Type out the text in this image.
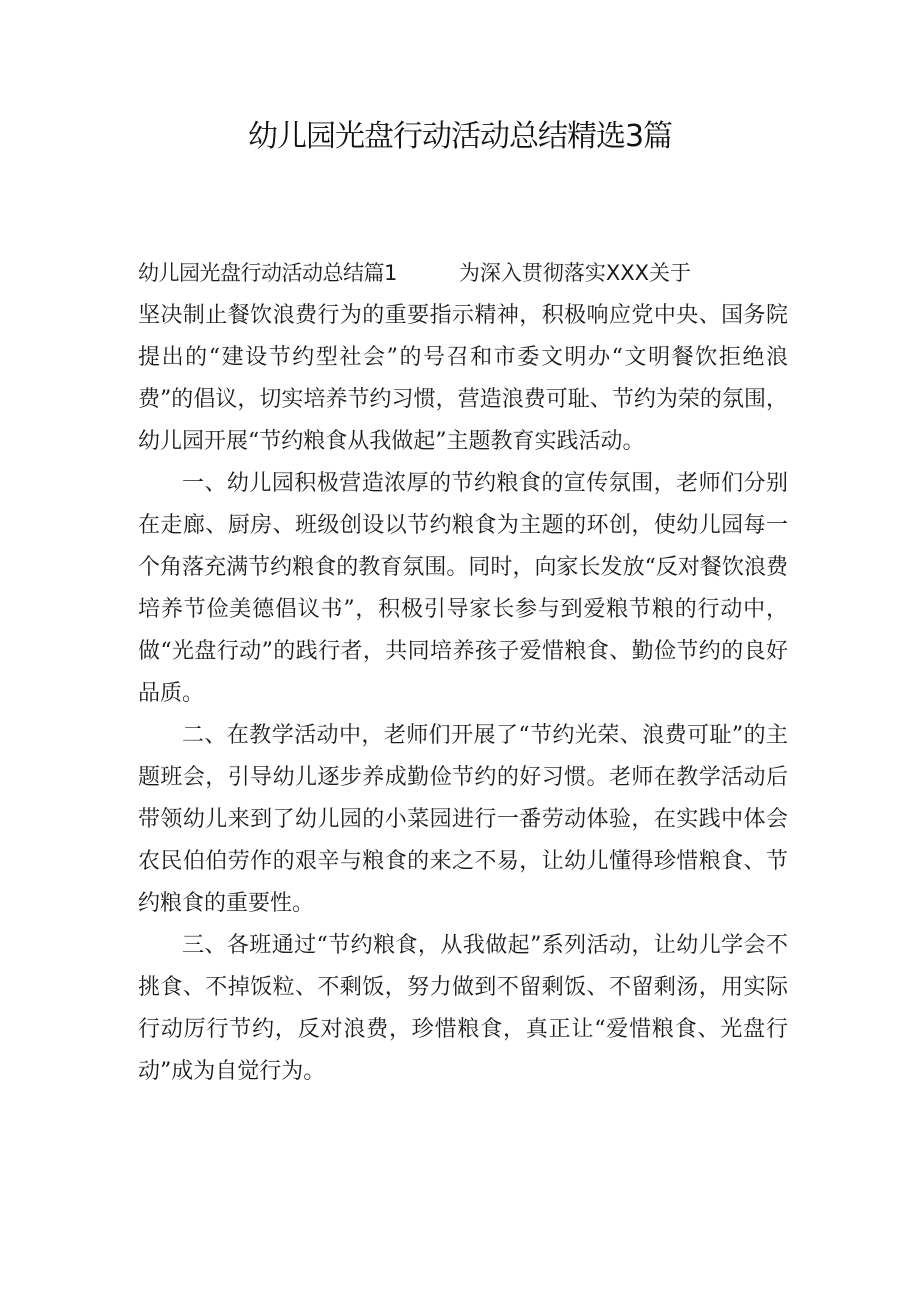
幼儿园光盘行动活动总结精选3篇

幼儿园光盘行动活动总结篇1	为深入贯彻落实XXX关于

坚决制止餐饮浪费行为的重要指示精神，积极响应党中央、国务院提出的“建设节约型社会”的号召和市委文明办“文明餐饮拒绝浪费”的倡议，切实培养节约习惯，营造浪费可耻、节约为荣的氛围，幼儿园开展“节约粮食从我做起”主题教育实践活动。

一、幼儿园积极营造浓厚的节约粮食的宣传氛围，老师们分别在走廊、厨房、班级创设以节约粮食为主题的环创，使幼儿园每一个角落充满节约粮食的教育氛围。同时，向家长发放“反对餐饮浪费培养节俭美德倡议书”，积极引导家长参与到爱粮节粮的行动中，做“光盘行动”的践行者，共同培养孩子爱惜粮食、勤俭节约的良好品质。

二、在教学活动中，老师们开展了“节约光荣、浪费可耻”的主题班会，引导幼儿逐步养成勤俭节约的好习惯。老师在教学活动后带领幼儿来到了幼儿园的小菜园进行一番劳动体验，在实践中体会农民伯伯劳作的艰辛与粮食的来之不易，让幼儿懂得珍惜粮食、节约粮食的重要性。

三、各班通过“节约粮食，从我做起”系列活动，让幼儿学会不挑食、不掉饭粒、不剩饭，努力做到不留剩饭、不留剩汤，用实际行动厉行节约，反对浪费，珍惜粮食，真正让“爱惜粮食、光盘行动”成为自觉行为。
